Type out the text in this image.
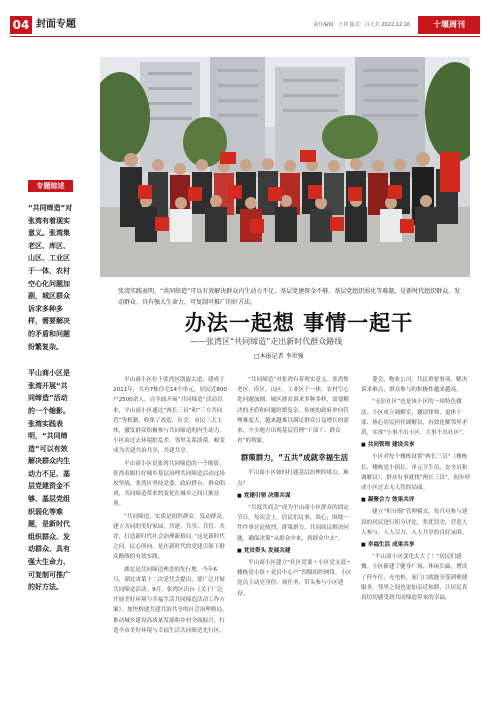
04 封面专题	责任编辑：王祥 版式：吕大芳 2022.12.16	十堰周刊
张湾实践表明，“共同缔造”可以有效解决群众内生动力不足、基层党建资金不够、基层党组织弱化等难题，是新时代组织群众、发动群众、具有强大生命力、可复制可推广的好方法。
办法一起想 事情一起干
——张湾区“共同缔造”走出新时代群众路线
□本报记者 李世强
专题综述

“共同缔造”对张湾有着现实意义。张湾集老区、库区、山区、工业区于一体，农村空心化问题加剧，城区群众诉求多种多样，需要解决的矛盾和问题纷繁复杂。

平山商小区是张湾开展“共同缔造”活动的一个缩影。张湾实践表明，“共同缔造”可以有效解决群众内生动力不足、基层党建资金不够、基层党组织弱化等难题，是新时代组织群众、发动群众、具有强大生命力、可复制可推广的好方法。

平山商小区位于张湾区凯旋大道，建成于2011年，共有7栋住宅14个单元，居民近800户2500余人。自全面开展“共同缔造”活动以来，平山商小区通过“两长三员”和“三方共同管”等机制，收集了改造、社会、市民三大主体，激发群众积极参与共同缔造的内生动力。小区由过去环境脏乱差、邻里关系淡漠，蜕变成为共建共治共享，共建共享。

平山商小区是张湾共同缔造的一个缩影。张湾着眼打好城乡基层治理共同缔造活动这场攻坚战，张湾区坚持党委、政府搭台，群众唱戏，共同缔造带来的变化在城乡之间日渐显现。

“共同缔造，实质是组织群众、发动群众，建立共同的美好家园，共建、共享、共管、共评，打造新时代社会治理新格局。”这是新时代之问，民心所向，是在新时代的党建引领下群众路线的有效实践。

湖北是共同缔造理念的先行地。今年6月，湖北省第十二次党代会提出，要广泛开展共同缔造活动。9月，张湾区出台《关于广泛开展美好环境与幸福生活共同缔造活动工作方案》，加快构建共建共治共享的社会治理格局，推动城乡建设高质量发展和乡村全面振兴，打造全市美好环境与幸福生活共同缔造先行区。

“共同缔造”对张湾有着现实意义。张湾集老区、库区、山区、工业区于一体，农村空心化问题加剧，城区群众诉求多种多样，需要解决的矛盾和问题纷繁复杂。传统的政府单向管理难度大，越来越难以满足群众日益增长的需求，不少地方出现基层管理“干部干、群众看”的现象。

群策群力，“五共”成就幸福生活

平山商小区如何打通基层治理的堵点、难点？

■ 党建引领 决策共谋

“月度共商会”成为平山商小区群众的固定节目。每次会上，居民们议事、谈心，围绕一件件事讨论热烈，群策群力，共同商议解决问题，确保决策“从群众中来、到群众中去”。

■ 党员带头 发展共建

平山商小区建立“社区党委＋小区党支部＋楼栋党小组＋党员中心户”四级组织网络，小区党员主动亮身份、领任务，带头参与小区建设。

委会、物业公司，共议重要事项，解决诉求难点，群众参与的积极性越来越高。

“无讼社区”也是该小区的一项特色做法。小区成立调解室，邀请律师、退休干部、热心居民担任调解员，有效化解邻里矛盾，实现“小事不出小区、大事不出社区”。

■ 共同管理 建设共享

小区对每个楼栋设置“两长三员”（楼栋长、楼栋党小组长、单元卫生员、安全员和调解员），群众有事就找“两长三员”，初步形成小区过去无人管的局面。

■ 凝聚合力 效果共评

建立“积分制”管理模式，每月对参与建设的居民进行积分评比，奖优罚劣，营造人人参与、人人尽力、人人共享的良好氛围。

■ 幸福生活 成果共享

“平山商小区变化太大了！”居民们感慨。小区新建了健身广场、休闲长廊，增设了停车位、充电桩，家门口就能享受到便捷服务，邻里之间也更加亲近和睦，让居民真真切切感受到共同缔造带来的幸福。
